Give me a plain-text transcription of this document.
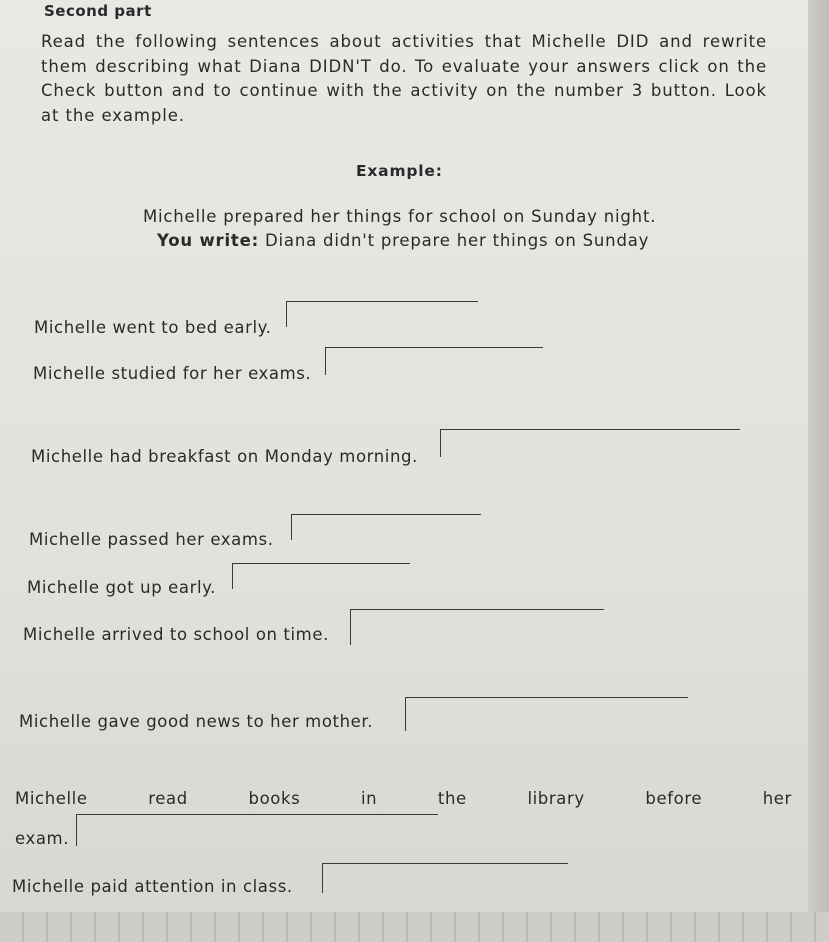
Second part
Read the following sentences about activities that Michelle DID and rewrite them describing what Diana DIDN'T do. To evaluate your answers click on the Check button and to continue with the activity on the number 3 button. Look at the example.
Example:
Michelle prepared her things for school on Sunday night.
You write: Diana didn't prepare her things on Sunday
Michelle went to bed early.
Michelle studied for her exams.
Michelle had breakfast on Monday morning.
Michelle passed her exams.
Michelle got up early.
Michelle arrived to school on time.
Michelle gave good news to her mother.
Michelle	read	books	in	the	library	before	her
exam.
Michelle paid attention in class.
